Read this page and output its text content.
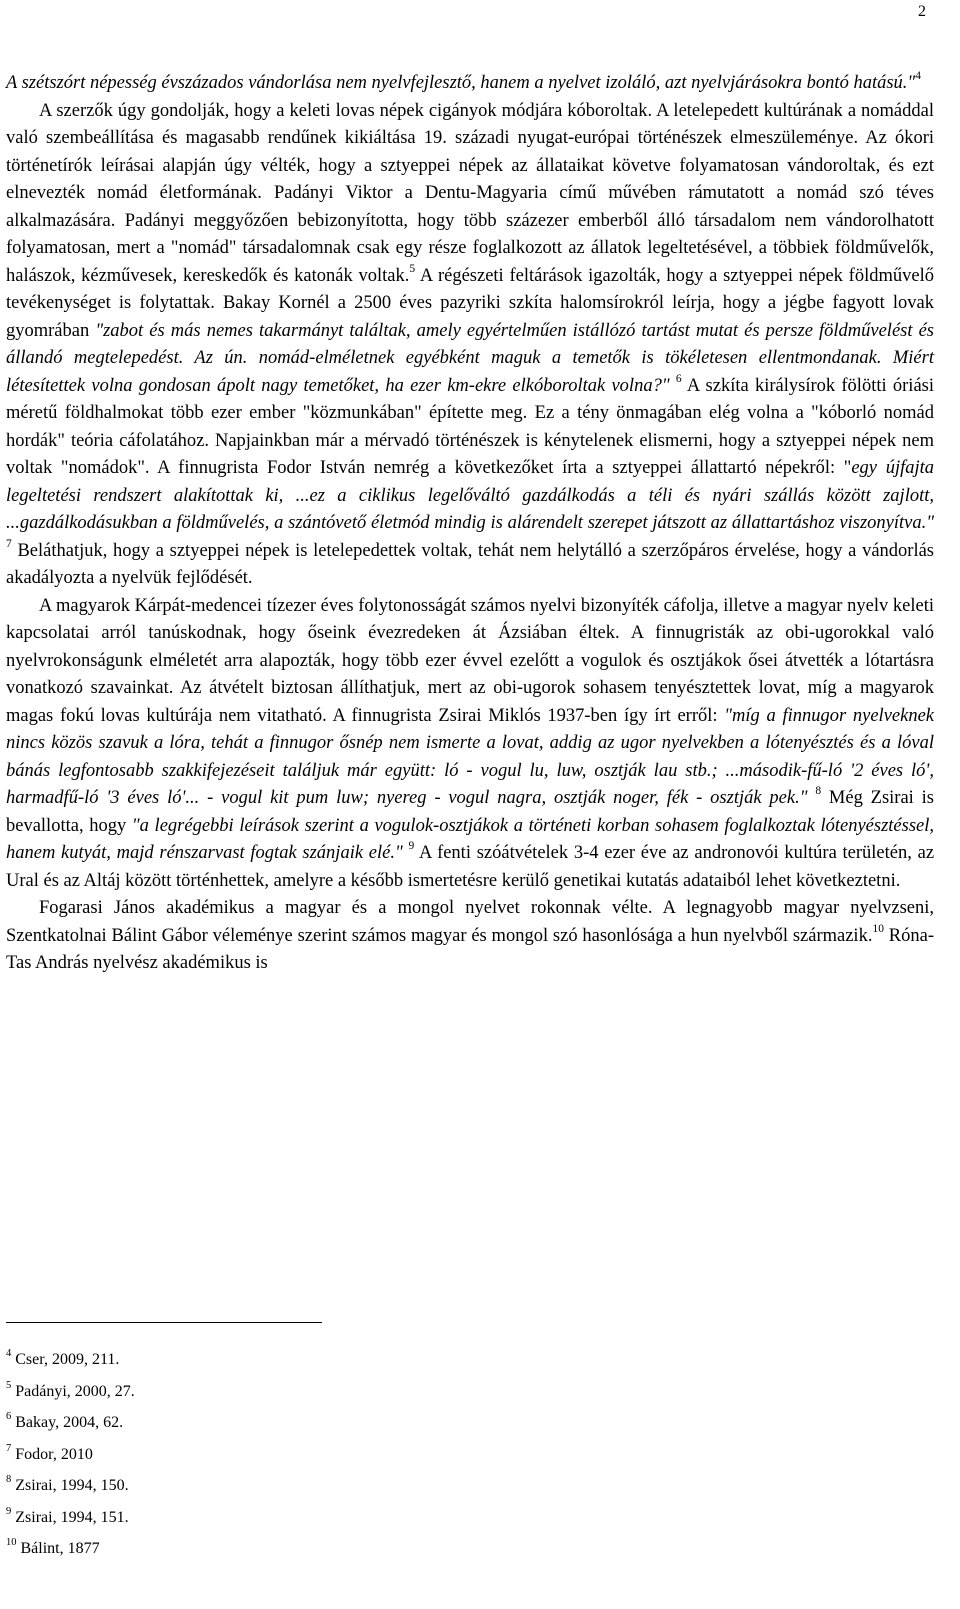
2

A szétszórt népesség évszázados vándorlása nem nyelvfejlesztő, hanem a nyelvet izoláló, azt nyelvjárásokra bontó hatású."$^4$
A szerzők úgy gondolják, hogy a keleti lovas népek cigányok módjára kóboroltak. A letelepedett kultúrának a nomáddal való szembeállítása és magasabb rendűnek kikiáltása 19. századi nyugat-európai történészek elmeszüleménye. Az ókori történetírók leírásai alapján úgy vélték, hogy a sztyeppei népek az állataikat követve folyamatosan vándoroltak, és ezt elnevezték nomád életformának. Padányi Viktor a Dentu-Magyaria című művében rámutatott a nomád szó téves alkalmazására. Padányi meggyőzően bebizonyította, hogy több százezer emberből álló társadalom nem vándorolhatott folyamatosan, mert a "nomád" társadalomnak csak egy része foglalkozott az állatok legeltetésével, a többiek földművelők, halászok, kézművesek, kereskedők és katonák voltak.$^5$ A régészeti feltárások igazolták, hogy a sztyeppei népek földművelő tevékenységet is folytattak. Bakay Kornél a 2500 éves pazyriki szkíta halomsírokról leírja, hogy a jégbe fagyott lovak gyomrában "zabot és más nemes takarmányt találtak, amely egyértelműen istállózó tartást mutat és persze földművelést és állandó megtelepedést. Az ún. nomád-elméletnek egyébként maguk a temetők is tökéletesen ellentmondanak. Miért létesítettek volna gondosan ápolt nagy temetőket, ha ezer km-ekre elkóboroltak volna?" $^6$ A szkíta királysírok fölötti óriási méretű földhalmokat több ezer ember "közmunkában" építette meg. Ez a tény önmagában elég volna a "kóborló nomád hordák" teória cáfolatához. Napjainkban már a mérvadó történészek is kénytelenek elismerni, hogy a sztyeppei népek nem voltak "nomádok". A finnugrista Fodor István nemrég a következőket írta a sztyeppei állattartó népekről: "egy újfajta legeltetési rendszert alakítottak ki, ...ez a ciklikus legelőváltó gazdálkodás a téli és nyári szállás között zajlott, ...gazdálkodásukban a földművelés, a szántóvető életmód mindig is alárendelt szerepet játszott az állattartáshoz viszonyítva." $^7$ Beláthatjuk, hogy a sztyeppei népek is letelepedettek voltak, tehát nem helytálló a szerzőpáros érvelése, hogy a vándorlás akadályozta a nyelvük fejlődését.

A magyarok Kárpát-medencei tízezer éves folytonosságát számos nyelvi bizonyíték cáfolja, illetve a magyar nyelv keleti kapcsolatai arról tanúskodnak, hogy őseink évezredeken át Ázsiában éltek. A finnugristák az obi-ugorokkal való nyelvrokonságunk elméletét arra alapozták, hogy több ezer évvel ezelőtt a vogulok és osztjákok ősei átvették a lótartásra vonatkozó szavainkat. Az átvételt biztosan állíthatjuk, mert az obi-ugorok sohasem tenyésztettek lovat, míg a magyarok magas fokú lovas kultúrája nem vitatható. A finnugrista Zsirai Miklós 1937-ben így írt erről: "míg a finnugor nyelveknek nincs közös szavuk a lóra, tehát a finnugor ősnép nem ismerte a lovat, addig az ugor nyelvekben a lótenyésztés és a lóval bánás legfontosabb szakkifejezéseit találjuk már együtt: ló - vogul lu, luw, osztják lau stb.; ...második-fű-ló '2 éves ló', harmadfű-ló '3 éves ló'... - vogul kit pum luw; nyereg - vogul nagra, osztják noger, fék - osztják pek." $^8$ Még Zsirai is bevallotta, hogy "a legrégebbi leírások szerint a vogulok-osztjákok a történeti korban sohasem foglalkoztak lótenyésztéssel, hanem kutyát, majd rénszarvast fogtak szánjaik elé." $^9$ A fenti szóátvételek 3-4 ezer éve az andronovói kultúra területén, az Ural és az Altáj között történhettek, amelyre a később ismertetésre kerülő genetikai kutatás adataiból lehet következtetni.

Fogarasi János akadémikus a magyar és a mongol nyelvet rokonnak vélte. A legnagyobb magyar nyelvzseni, Szentkatolnai Bálint Gábor véleménye szerint számos magyar és mongol szó hasonlósága a hun nyelvből származik.$^{10}$ Róna-Tas András nyelvész akadémikus is

$^4$ Cser, 2009, 211.
$^5$ Padányi, 2000, 27.
$^6$ Bakay, 2004, 62.
$^7$ Fodor, 2010
$^8$ Zsirai, 1994, 150.
$^9$ Zsirai, 1994, 151.
$^{10}$ Bálint, 1877
